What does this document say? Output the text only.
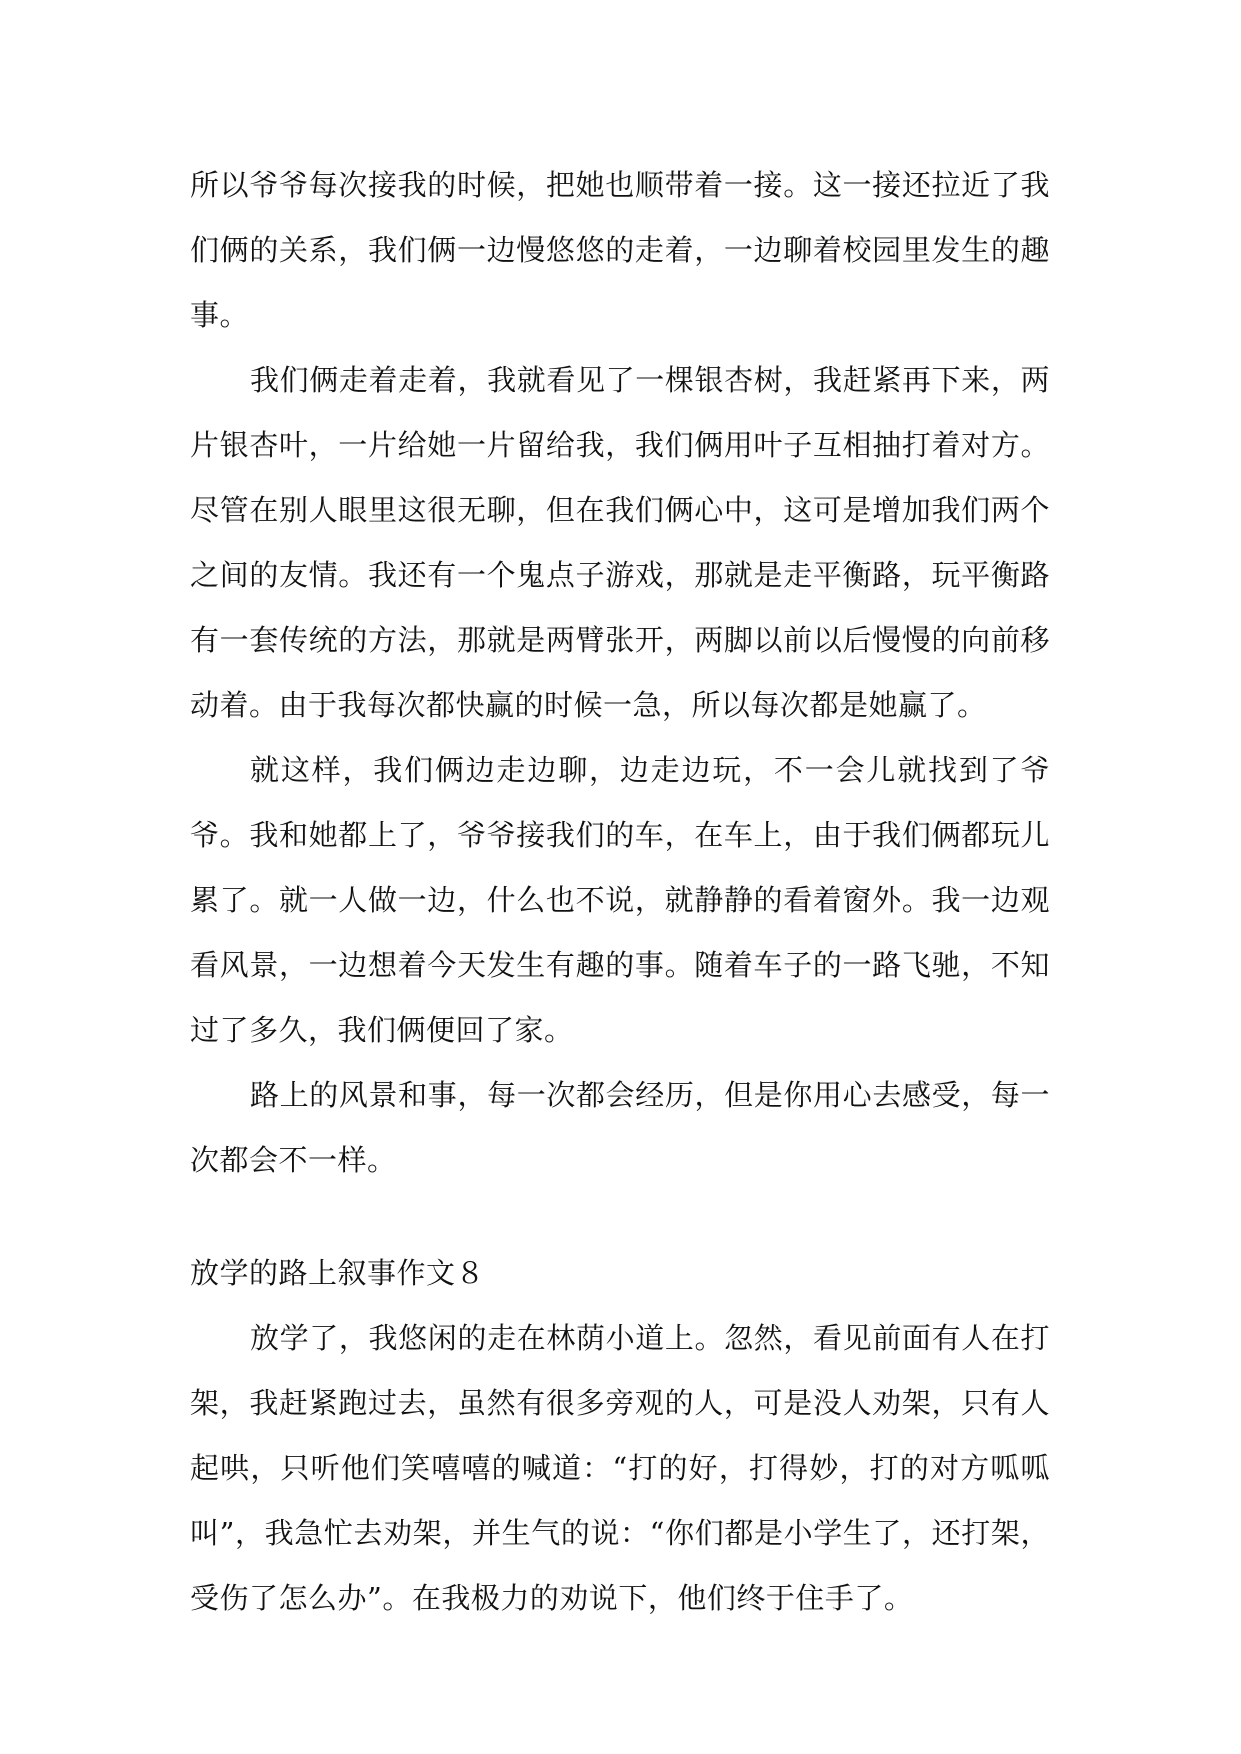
所以爷爷每次接我的时候，把她也顺带着一接。这一接还拉近了我们俩的关系，我们俩一边慢悠悠的走着，一边聊着校园里发生的趣事。

我们俩走着走着，我就看见了一棵银杏树，我赶紧再下来，两片银杏叶，一片给她一片留给我，我们俩用叶子互相抽打着对方。尽管在别人眼里这很无聊，但在我们俩心中，这可是增加我们两个之间的友情。我还有一个鬼点子游戏，那就是走平衡路，玩平衡路有一套传统的方法，那就是两臂张开，两脚以前以后慢慢的向前移动着。由于我每次都快赢的时候一急，所以每次都是她赢了。

就这样，我们俩边走边聊，边走边玩，不一会儿就找到了爷爷。我和她都上了，爷爷接我们的车，在车上，由于我们俩都玩儿累了。就一人做一边，什么也不说，就静静的看着窗外。我一边观看风景，一边想着今天发生有趣的事。随着车子的一路飞驰，不知过了多久，我们俩便回了家。

路上的风景和事，每一次都会经历，但是你用心去感受，每一次都会不一样。

放学的路上叙事作文８

放学了，我悠闲的走在林荫小道上。忽然，看见前面有人在打架，我赶紧跑过去，虽然有很多旁观的人，可是没人劝架，只有人起哄，只听他们笑嘻嘻的喊道：“打的好，打得妙，打的对方呱呱叫”，我急忙去劝架，并生气的说：“你们都是小学生了，还打架，受伤了怎么办”。在我极力的劝说下，他们终于住手了。
